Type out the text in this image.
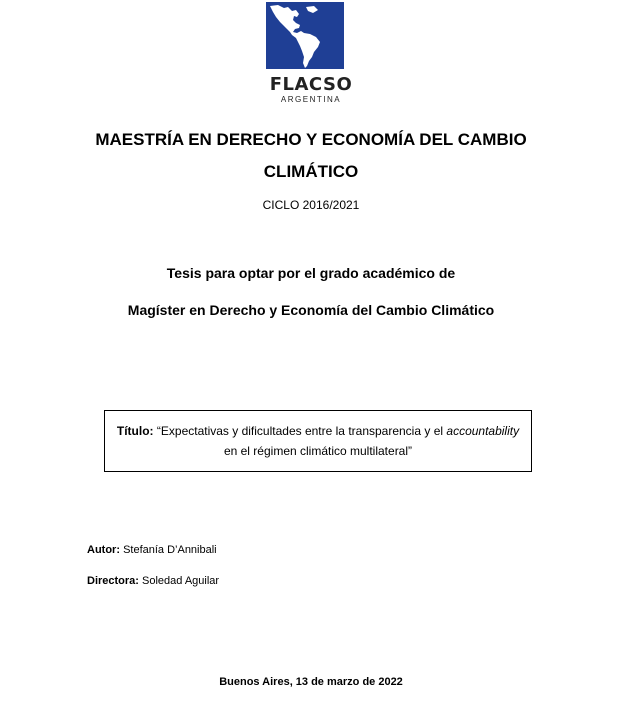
FLACSO
ARGENTINA
MAESTRÍA EN DERECHO Y ECONOMÍA DEL CAMBIO CLIMÁTICO
CICLO 2016/2021
Tesis para optar por el grado académico de
Magíster en Derecho y Economía del Cambio Climático
Título: “Expectativas y dificultades entre la transparencia y el accountability
en el régimen climático multilateral”
Autor: Stefanía D’Annibali
Directora: Soledad Aguilar
Buenos Aires, 13 de marzo de 2022
